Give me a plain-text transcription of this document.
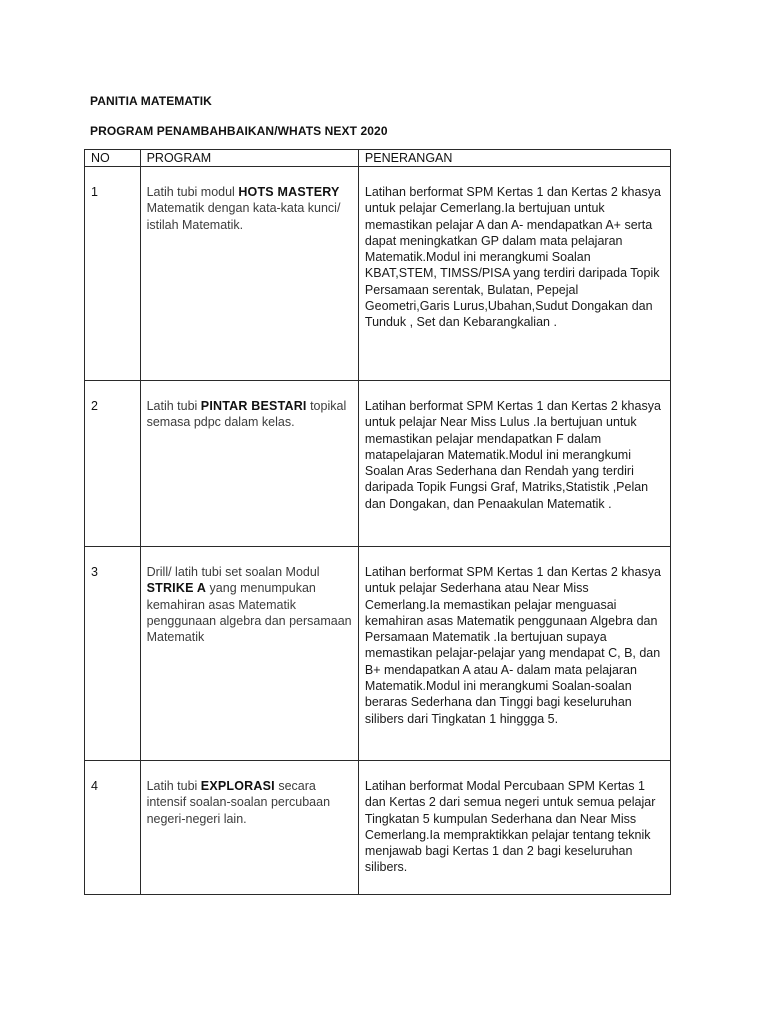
PANITIA MATEMATIK
PROGRAM PENAMBAHBAIKAN/WHATS NEXT 2020
NO	PROGRAM	PENERANGAN
1	Latih tubi modul HOTS MASTERY Matematik dengan kata-kata kunci/ istilah Matematik.	Latihan berformat SPM Kertas 1 dan Kertas 2 khasya untuk pelajar Cemerlang.Ia bertujuan untuk memastikan pelajar A dan A- mendapatkan A+ serta dapat meningkatkan GP dalam mata pelajaran Matematik.Modul ini merangkumi Soalan KBAT,STEM, TIMSS/PISA yang terdiri daripada Topik Persamaan serentak, Bulatan, Pepejal Geometri,Garis Lurus,Ubahan,Sudut Dongakan dan Tunduk , Set dan Kebarangkalian .
2	Latih tubi PINTAR BESTARI topikal semasa pdpc dalam kelas.	Latihan berformat SPM Kertas 1 dan Kertas 2 khasya untuk pelajar Near Miss Lulus .Ia bertujuan untuk memastikan pelajar mendapatkan F dalam matapelajaran Matematik.Modul ini merangkumi Soalan Aras Sederhana dan Rendah yang terdiri daripada Topik Fungsi Graf, Matriks,Statistik ,Pelan dan Dongakan, dan Penaakulan Matematik .
3	Drill/ latih tubi set soalan Modul STRIKE A yang menumpukan kemahiran asas Matematik penggunaan algebra dan persamaan Matematik	Latihan berformat SPM Kertas 1 dan Kertas 2 khasya untuk pelajar Sederhana atau Near Miss Cemerlang.Ia memastikan pelajar menguasai kemahiran asas Matematik penggunaan Algebra dan Persamaan Matematik .Ia bertujuan supaya memastikan pelajar-pelajar yang mendapat C, B, dan B+ mendapatkan A atau A- dalam mata pelajaran Matematik.Modul ini merangkumi Soalan-soalan beraras Sederhana dan Tinggi bagi keseluruhan silibers dari Tingkatan 1 hinggga 5.
4	Latih tubi EXPLORASI secara intensif soalan-soalan percubaan negeri-negeri lain.	Latihan berformat Modal Percubaan SPM Kertas 1 dan Kertas 2 dari semua negeri untuk semua pelajar Tingkatan 5 kumpulan Sederhana dan Near Miss Cemerlang.Ia mempraktikkan pelajar tentang teknik menjawab bagi Kertas 1 dan 2 bagi keseluruhan silibers.
